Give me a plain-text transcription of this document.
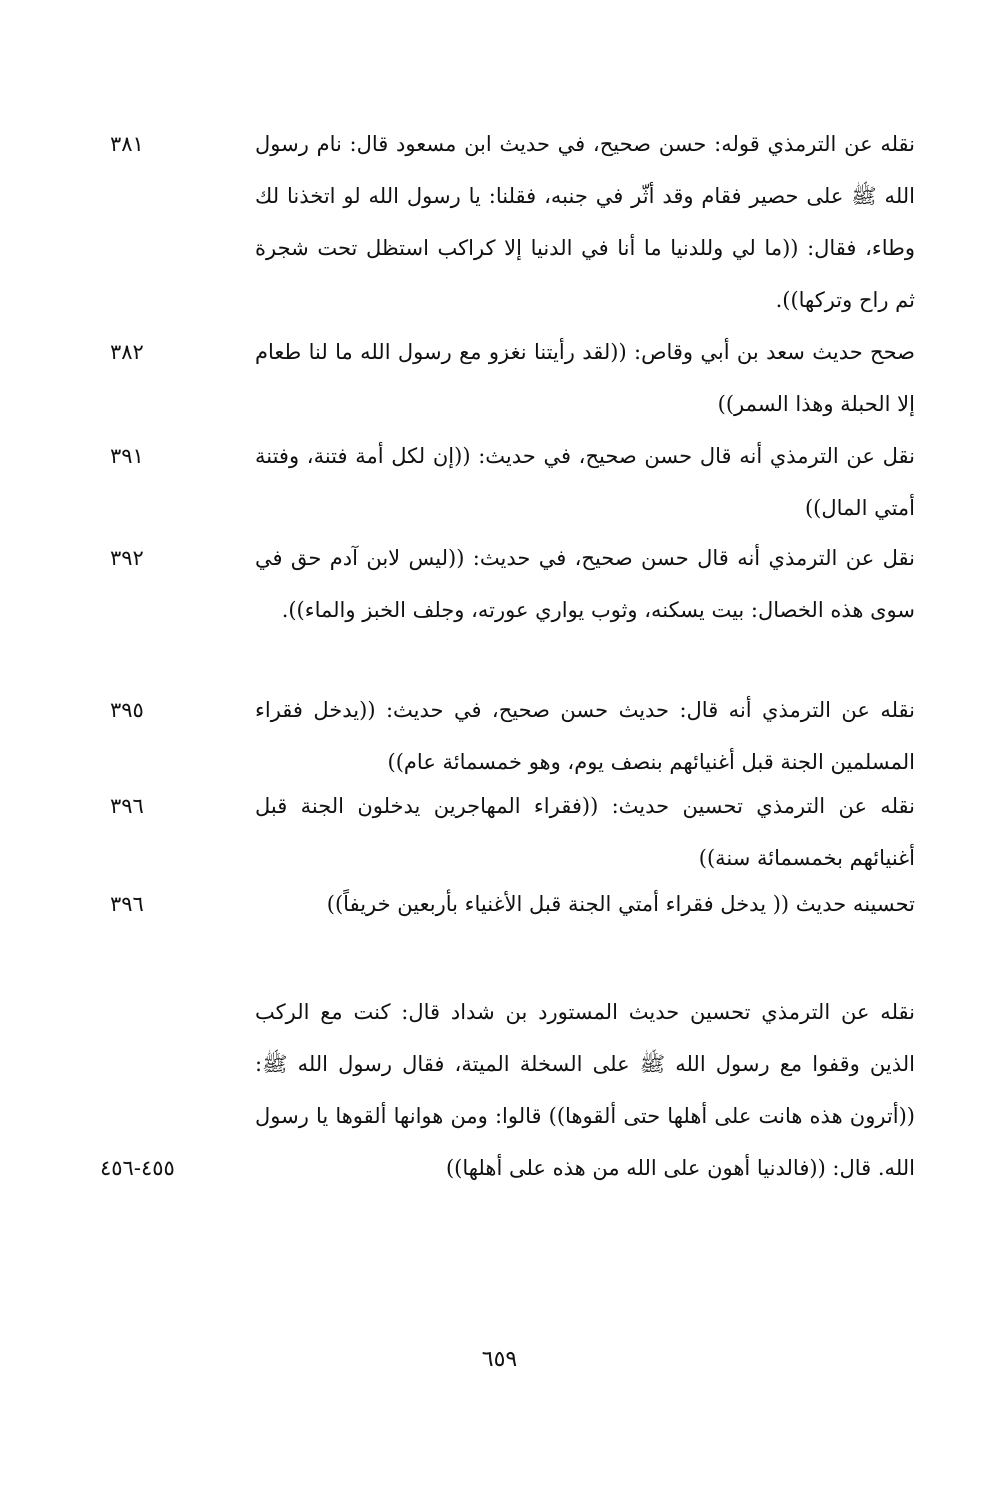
نقله عن الترمذي قوله: حسن صحيح، في حديث ابن مسعود قال: نام رسول الله ﷺ على حصير فقام وقد أثّر في جنبه، فقلنا: يا رسول الله لو اتخذنا لك وطاء، فقال: ((ما لي وللدنيا ما أنا في الدنيا إلا كراكب استظل تحت شجرة ثم راح وتركها)).
٣٨١
صحح حديث سعد بن أبي وقاص: ((لقد رأيتنا نغزو مع رسول الله ما لنا طعام إلا الحبلة وهذا السمر))
٣٨٢
نقل عن الترمذي أنه قال حسن صحيح، في حديث: ((إن لكل أمة فتنة، وفتنة أمتي المال))
٣٩١
نقل عن الترمذي أنه قال حسن صحيح، في حديث: ((ليس لابن آدم حق في سوى هذه الخصال: بيت يسكنه، وثوب يواري عورته، وجلف الخبز والماء)).
٣٩٢
نقله عن الترمذي أنه قال: حديث حسن صحيح، في حديث: ((يدخل فقراء المسلمين الجنة قبل أغنيائهم بنصف يوم، وهو خمسمائة عام))
٣٩٥
نقله عن الترمذي تحسين حديث: ((فقراء المهاجرين يدخلون الجنة قبل أغنيائهم بخمسمائة سنة))
٣٩٦
تحسينه حديث (( يدخل فقراء أمتي الجنة قبل الأغنياء بأربعين خريفاً))
٣٩٦
نقله عن الترمذي تحسين حديث المستورد بن شداد قال: كنت مع الركب الذين وقفوا مع رسول الله ﷺ على السخلة الميتة، فقال رسول الله ﷺ: ((أترون هذه هانت على أهلها حتى ألقوها)) قالوا: ومن هوانها ألقوها يا رسول الله. قال: ((فالدنيا أهون على الله من هذه على أهلها))
٤٥٥-٤٥٦
٦٥٩
